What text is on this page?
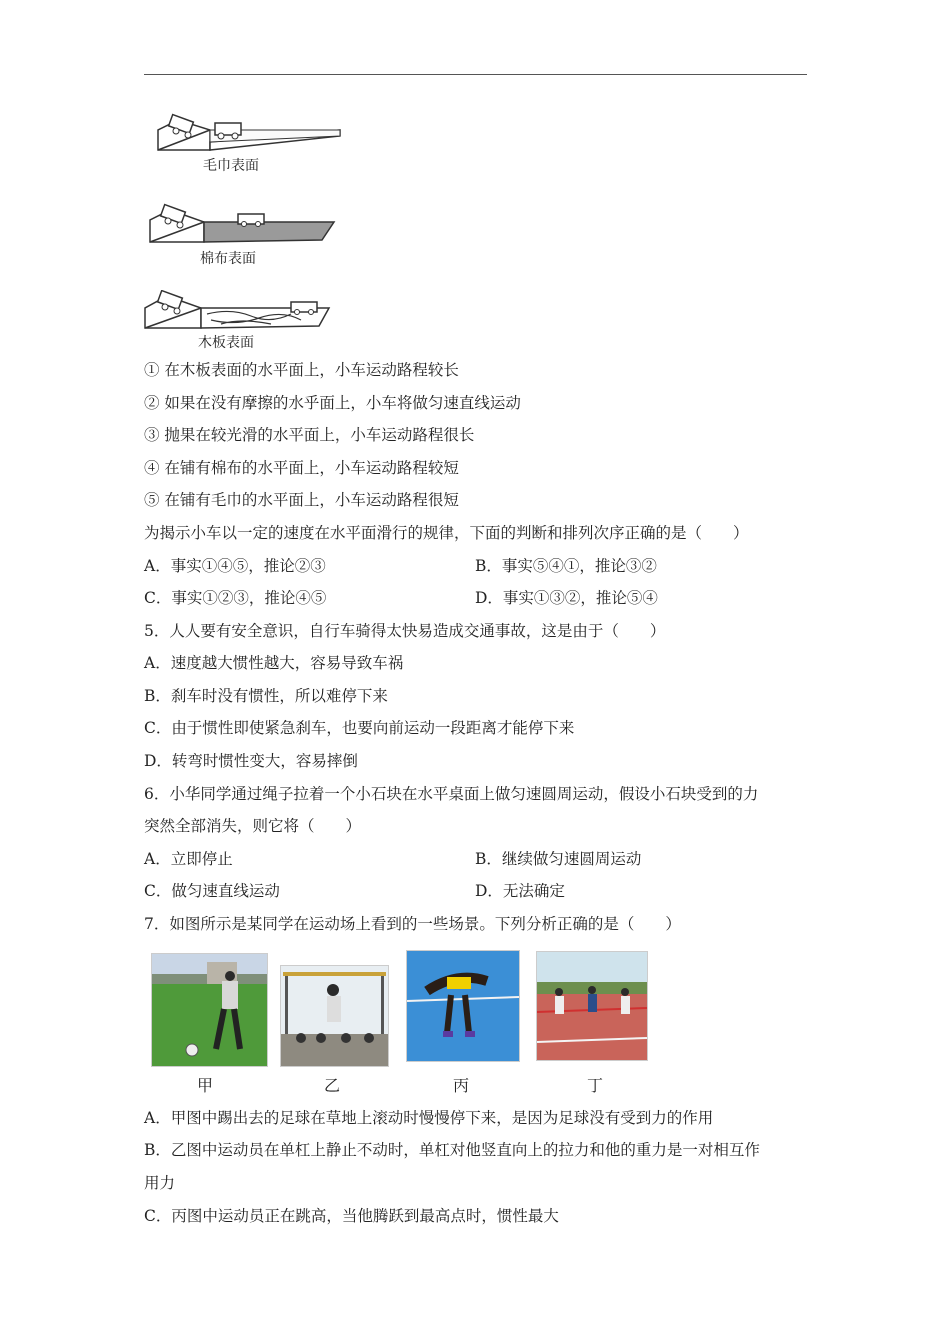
毛巾表面
棉布表面
木板表面
① 在木板表面的水平面上，小车运动路程较长
② 如果在没有摩擦的水乎面上，小车将做匀速直线运动
③ 抛果在较光滑的水平面上，小车运动路程很长
④ 在铺有棉布的水平面上，小车运动路程较短
⑤ 在铺有毛巾的水平面上，小车运动路程很短
为揭示小车以一定的速度在水平面滑行的规律，下面的判断和排列次序正确的是（　　）
A．事实①④⑤，推论②③	B．事实⑤④①，推论③②
C．事实①②③，推论④⑤	D．事实①③②，推论⑤④
5．人人要有安全意识，自行车骑得太快易造成交通事故，这是由于（　　）
A．速度越大惯性越大，容易导致车祸
B．刹车时没有惯性，所以难停下来
C．由于惯性即使紧急刹车，也要向前运动一段距离才能停下来
D．转弯时惯性变大，容易摔倒
6．小华同学通过绳子拉着一个小石块在水平桌面上做匀速圆周运动，假设小石块受到的力
突然全部消失，则它将（　　）
A．立即停止	B．继续做匀速圆周运动
C．做匀速直线运动	D．无法确定
7．如图所示是某同学在运动场上看到的一些场景。下列分析正确的是（　　）
甲	乙	丙	丁
A．甲图中踢出去的足球在草地上滚动时慢慢停下来，是因为足球没有受到力的作用
B．乙图中运动员在单杠上静止不动时，单杠对他竖直向上的拉力和他的重力是一对相互作
用力
C．丙图中运动员正在跳高，当他腾跃到最高点时，惯性最大
